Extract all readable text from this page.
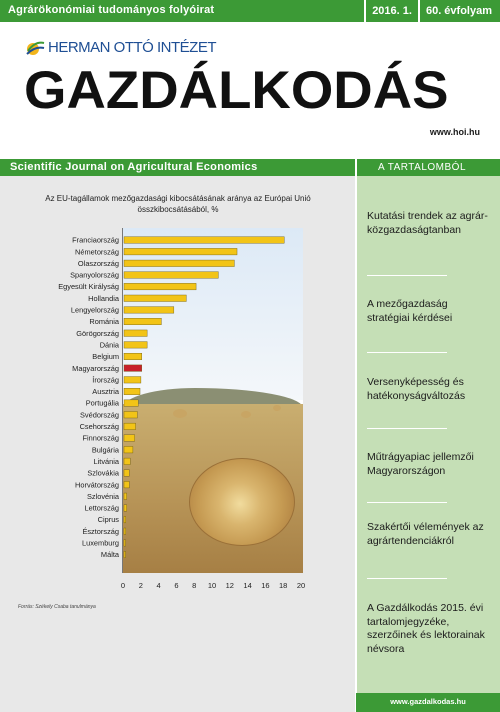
Agrárökonómiai tudományos folyóirat	2016. 1. 60. évfolyam
HERMAN OTTÓ INTÉZET
GAZDÁLKODÁS
www.hoi.hu
Scientific Journal on Agricultural Economics	A TARTALOMBÓL
Az EU-tagállamok mezőgazdasági kibocsátásának aránya az Európai Unió összkibocsátásából, %
Franciaország
Németország
Olaszország
Spanyolország
Egyesült Királyság
Hollandia
Lengyelország
Románia
Görögország
Dánia
Belgium
Magyarország
Írország
Ausztria
Portugália
Svédország
Csehország
Finnország
Bulgária
Litvánia
Szlovákia
Horvátország
Szlovénia
Lettország
Ciprus
Észtország
Luxemburg
Málta
0 2 4 6 8 10 12 14 16 18 20
Forrás: Székely Csaba tanulmánya
Kutatási trendek az agrár-közgazdaságtanban
A mezőgazdaság stratégiai kérdései
Versenyképesség és hatékonyságváltozás
Műtrágyapiac jellemzői Magyarországon
Szakértői vélemények az agrártendenciákról
A Gazdálkodás 2015. évi tartalomjegyzéke, szerzőinek és lektorainak névsora
www.gazdalkodas.hu
